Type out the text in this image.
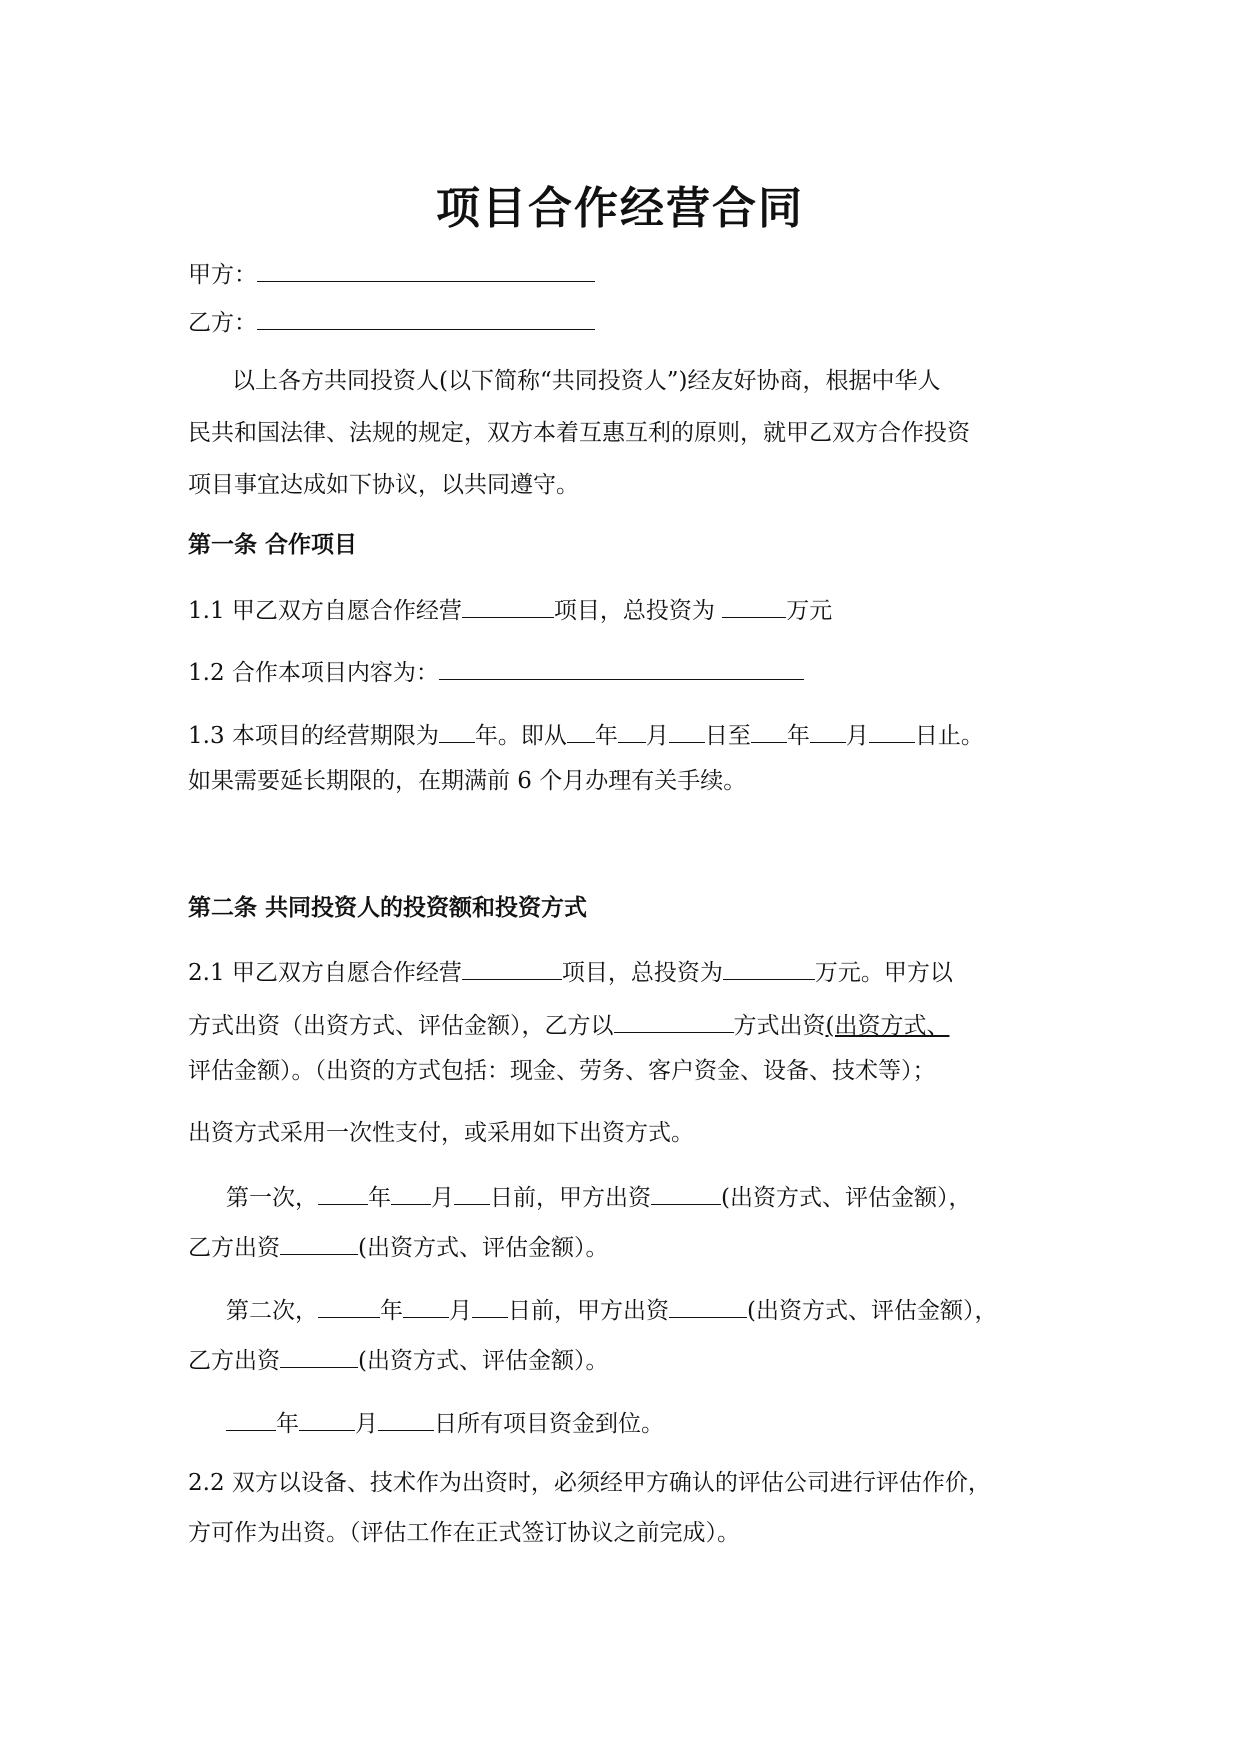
项目合作经营合同
甲方：
乙方：
以上各方共同投资人(以下简称“共同投资人”)经友好协商，根据中华人
民共和国法律、法规的规定，双方本着互惠互利的原则，就甲乙双方合作投资
项目事宜达成如下协议，以共同遵守。
第一条 合作项目
1.1 甲乙双方自愿合作经营	项目，总投资为	万元
1.2 合作本项目内容为：
1.3 本项目的经营期限为 年。即从 年 月 日至 年 月 日止。
如果需要延长期限的，在期满前 6 个月办理有关手续。
第二条 共同投资人的投资额和投资方式
2.1 甲乙双方自愿合作经营	项目，总投资为	万元。甲方以
方式出资（出资方式、评估金额），乙方以	方式出资(出资方式、
评估金额）。（出资的方式包括：现金、劳务、客户资金、设备、技术等）；
出资方式采用一次性支付，或采用如下出资方式。
第一次， 年 月 日前，甲方出资	(出资方式、评估金额），
乙方出资	(出资方式、评估金额）。
第二次，	年 月 日前，甲方出资	(出资方式、评估金额），
乙方出资	(出资方式、评估金额）。
年 月 日所有项目资金到位。
2.2 双方以设备、技术作为出资时，必须经甲方确认的评估公司进行评估作价，
方可作为出资。（评估工作在正式签订协议之前完成）。
